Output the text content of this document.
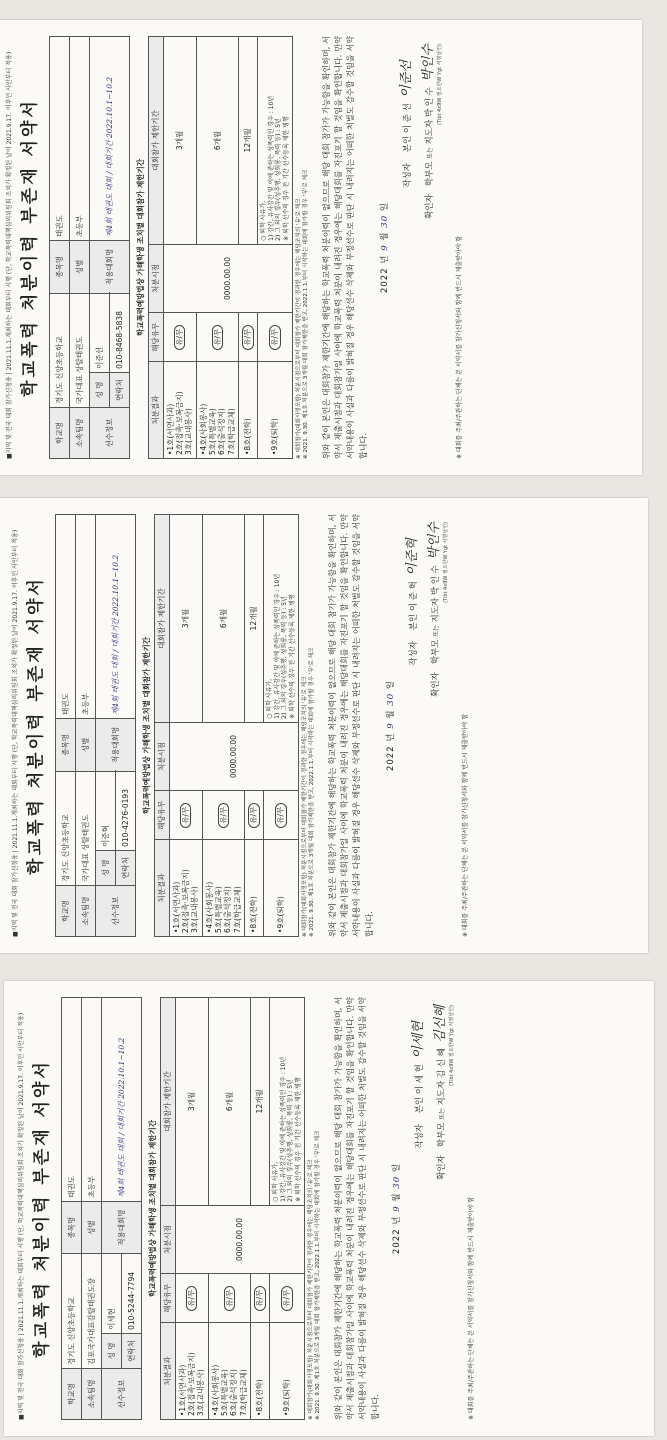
■지역 및 전국 대회 참가신청용 | 2021.11.1.개최하는 대회부터 시행 (단, 학교폭력대책심의위원회 조치가 확정된 날이 2021.9.17. 이후인 사안부터 적용) 학교폭력 처분이력 부존재 서약서
학교명	경기도 신양초등학교		종목명	태권도
소속팀명	국가대표 상탈태권도		성별	초등부
선수정보	성 명	이준선	적용대회명	제4회 태권도 대회 / 대회기간 2022.10.1~10.2
	연락처	010-8468-5838		
학교폭력예방법상 가해학생 조치별 대회참가 제한기간
처분결과	해당유무	처분시점	대회참가 제한기간

•1호(서면사과) 2호(접촉·보복금지) 3호(교내봉사)	유/무	0000.00.00	3개월

•4호(사회봉사) 5호(특별교육) 6호(출석정지) 7호(학급교체)	유/무		6개월
•8호(전학)	유/무		12개월
•9호(퇴학)	유/무		○ 퇴학 사유가, 1) 강간, 유사강간 및 이에 준하는 성폭력인 경우 : 10년 2) 그 외의 경우(성추행, 성희롱, 폭력 등) : 5년 ※ 퇴학 선수의 경우 전 기간 선수등록 제한 병행
※ 대회참가(대회사정포함) 처분시점으로부터 대회참가 제한기간이 경과한 경우에는 해당조치의 '유'로 체크 ※ 2021. 9.30. 제1호 처분으로 3개월 대회 참가제한을 받고, 2022.1.1.부터 시작하는 대회에 참가할 경우 '무'로 체크 위와 같이 본인은 대회참가 제한기간에 해당하는 학교폭력 처분이력이 없으므로 해당 대회 참가가 가능함을 확인하며, 서약서 제출시점과 대회참가일 사이에 학교폭력 처분이 내려진 경우에는 해당대회를 자진포기 할 것임을 확인합니다. 만약 서약내용이 사실과 다름이 밝혀질 경우 해당선수 삭제와 부정선수로 판단 시 내려지는 어떠한 처벌도 감수할 것임을 서약합니다.
2022 년 9 월 30 일
작성자    본인 이 준 선  이준선
확인자   학부모 또는 지도자 박 인 수  박인수 (Tibt 4x9W 필요한W Ygt 서명날인)
※ 대회를 주최/주관하는 단체는 본 서약서를 참가신청서와 함께 반드시 제출받아야 함
■지역 및 전국 대회 참가신청용 | 2021.11.1.개최하는 대회부터 시행 (단, 학교폭력대책심의위원회 조치가 확정된 날이 2021.9.17. 이후인 사안부터 적용) 학교폭력 처분이력 부존재 서약서
학교명	경기도 신양초등학교		종목명	태권도
소속팀명	국가대표 상탈태권도		성별	초등부
선수정보	성 명	이준혁	적용대회명	제4회 태권도 대회 / 대회기간 2022.10.1~10.2
	연락처	010-4276-0193		
학교폭력예방법상 가해학생 조치별 대회참가 제한기간
처분결과	해당유무	처분시점	대회참가 제한기간

•1호(서면사과) 2호(접촉·보복금지) 3호(교내봉사)	유/무	0000.00.00	3개월

•4호(사회봉사) 5호(특별교육) 6호(출석정지) 7호(학급교체)	유/무		6개월
•8호(전학)	유/무		12개월
•9호(퇴학)	유/무		○ 퇴학 사유가, 1) 강간, 유사강간 및 이에 준하는 성폭력인 경우 : 10년 2) 그 외의 경우(성추행, 성희롱, 폭력 등) : 5년 ※ 퇴학 선수의 경우 전 기간 선수등록 제한 병행
※ 대회참가(대회사정포함) 처분시점으로부터 대회참가 제한기간이 경과한 경우에는 해당조치의 '유'로 체크 ※ 2021. 9.30. 제1호 처분으로 3개월 대회 참가제한을 받고, 2022.1.1.부터 시작하는 대회에 참가할 경우 '무'로 체크 위와 같이 본인은 대회참가 제한기간에 해당하는 학교폭력 처분이력이 없으므로 해당 대회 참가가 가능함을 확인하며, 서약서 제출시점과 대회참가일 사이에 학교폭력 처분이 내려진 경우에는 해당대회를 자진포기 할 것임을 확인합니다. 만약 서약내용이 사실과 다름이 밝혀질 경우 해당선수 삭제와 부정선수로 판단 시 내려지는 어떠한 처벌도 감수할 것임을 서약합니다.
2022 년 9 월 30 일
작성자    본인 이 준 혁  이준혁
확인자   학부모 또는 지도자 박 인 수  박인수 (Tibt 4x9W 필요한W Ygt 서명날인)
※ 대회를 주최/주관하는 단체는 본 서약서를 참가신청서와 함께 반드시 제출받아야 함
■지역 및 전국 대회 참가신청용 | 2021.11.1.개최하는 대회부터 시행 (단, 학교폭력대책심의위원회 조치가 확정된 날이 2021.9.17. 이후인 사안부터 적용) 학교폭력 처분이력 부존재 서약서
학교명	경기도 신양초등학교		종목명	태권도
소속팀명	김포국가대표감탈태권도장		성별	초등부
선수정보	성 명	이세현	적용대회명	제4회 태권도 대회 / 대회기간 2022.10.1~10.2
	연락처	010-5244-7794		
학교폭력예방법상 가해학생 조치별 대회참가 제한기간
처분결과	해당유무	처분시점	대회참가 제한기간

•1호(서면사과) 2호(접촉·보복금지) 3호(교내봉사)	유/무	0000.00.00	3개월

•4호(사회봉사) 5호(특별교육) 6호(출석정지) 7호(학급교체)	유/무		6개월
•8호(전학)	유/무		12개월
•9호(퇴학)	유/무		○ 퇴학 사유가, 1) 강간, 유사강간 및 이에 준하는 성폭력인 경우 : 10년 2) 그 외의 경우(성추행, 성희롱, 폭력 등) : 5년 ※ 퇴학 선수의 경우 전 기간 선수등록 제한 병행
※ 대회참가(대회사정포함) 처분시점으로부터 대회참가 제한기간이 경과한 경우에는 해당조치의 '유'로 체크 ※ 2021. 9.30. 제1호 처분으로 3개월 대회 참가제한을 받고, 2022.1.1.부터 시작하는 대회에 참가할 경우 '무'로 체크 위와 같이 본인은 대회참가 제한기간에 해당하는 학교폭력 처분이력이 없으므로 해당 대회 참가가 가능함을 확인하며, 서약서 제출시점과 대회참가일 사이에 학교폭력 처분이 내려진 경우에는 해당대회를 자진포기 할 것임을 확인합니다. 만약 서약내용이 사실과 다름이 밝혀질 경우 해당선수 삭제와 부정선수로 판단 시 내려지는 어떠한 처벌도 감수할 것임을 서약합니다.
2022 년 9 월 30 일
작성자    본인 이 세 현  이세현
확인자   학부모 또는 지도자 김 신 혜  김신혜 (Tibt 4x9W 필요한W Ygt 서명날인)
※ 대회를 주최/주관하는 단체는 본 서약서를 참가신청서와 함께 반드시 제출받아야 함
